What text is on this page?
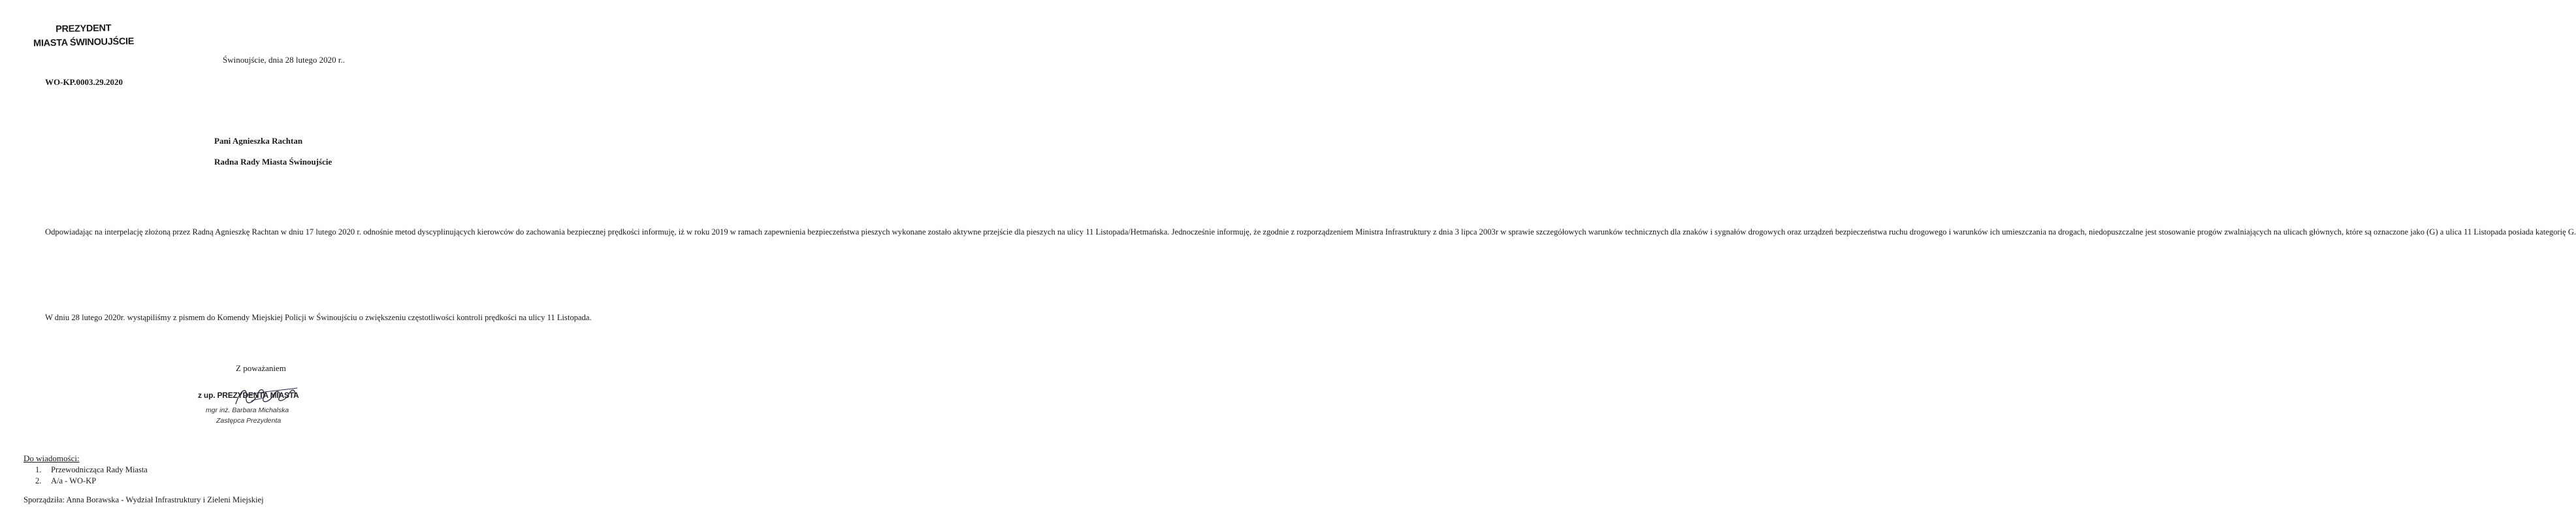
PREZYDENT
MIASTA ŚWINOUJŚCIE
Świnoujście, dnia 28 lutego 2020 r..
WO-KP.0003.29.2020
Pani Agnieszka Rachtan
Radna Rady Miasta Świnoujście

Odpowiadając na interpelację złożoną przez Radną Agnieszkę Rachtan w dniu 17 lutego 2020 r. odnośnie metod dyscyplinujących kierowców do zachowania bezpiecznej prędkości informuję, iż w roku 2019 w ramach zapewnienia bezpieczeństwa pieszych wykonane zostało aktywne przejście dla pieszych na ulicy 11 Listopada/Hetmańska. Jednocześnie informuję, że zgodnie z rozporządzeniem Ministra Infrastruktury z dnia 3 lipca 2003r w sprawie szczegółowych warunków technicznych dla znaków i sygnałów drogowych oraz urządzeń bezpieczeństwa ruchu drogowego i warunków ich umieszczania na drogach, niedopuszczalne jest stosowanie progów zwalniających na ulicach głównych, które są oznaczone jako (G) a ulica 11 Listopada posiada kategorię G.

W dniu 28 lutego 2020r. wystąpiliśmy z pismem do Komendy Miejskiej Policji w Świnoujściu o zwiększeniu częstotliwości kontroli prędkości na ulicy 11 Listopada.

Z poważaniem
z up. PREZYDENTA MIASTA
mgr inż. Barbara Michalska
Zastępca Prezydenta
Do wiadomości:
1. Przewodnicząca Rady Miasta
2. A/a - WO-KP
Sporządziła: Anna Borawska - Wydział Infrastruktury i Zieleni Miejskiej
